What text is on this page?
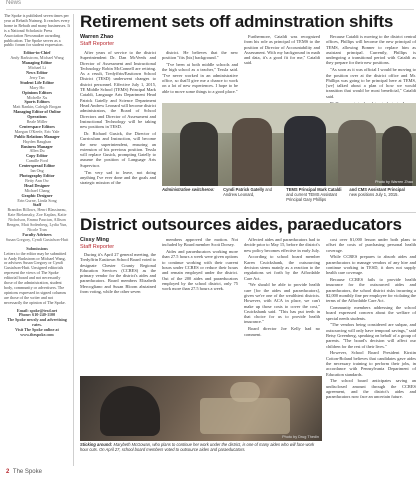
News

The Spoke is published seven times per year at Rebath Nutmeg. It reaches every home in Rebath and many businesses. It is a National Scholastic Press Association Newsmaker awarding publication. The Spoke serves as a public forum for student expression.

Editor-in-Chief
Andy Barkstrom, Michael Wang
Managing Editor
Michael Li
News Editor
Jerry Tan
Student Life Editor
Mary Ho
Opinions Editors
Michelle Xu
Sports Editors
Matt Rankin, Caleigh Brogan
Managing Editor of Online Operations
Reale Miller
Centerspace Editors
Maegan O'Keefe, Eric Yale
Public Relations Manager
Hayden Baughan
Business Manager
Allen Du
Copy Editor
Camille Ford
Centerspread Editor
Ian Ong
Photography Editor
Betty Ann Ow
Head Designer
Michael Chang
Graphic Designer
Erin Gurne, Linda Song
Staff
Brandon Billows, Henri Blassineau, Kate Bielanszky, Zoe Kaplan, Katie Nicholson, Emma Paucian, Allison Rengen, Matt Sodenberg, Lydia Yun, Nicole Tran
Faculty Advisers
Susan Gregory, Cyndi Gustafson-Hutt
Submissions

Letters to the editor may be submitted to Andy Barkstrom or Michael Wang, or advisers Susan Gregory or Cyndi Gustafson-Hutt. Unsigned editorials represent the views of The Spoke editorial board and not necessarily those of the administration, student body, community or advertisers. The opinions expressed in signed columns are those of the writer and not necessarily the opinion of The Spoke.

Email: spoke@tesd.net
Phone: 610-240-1100
The Spoke newsly and advertising rates.
Visit The Spoke online at www.thespoke.com
Retirement sets off adminstration shifts
Warren Zhao
Staff Reporter

After years of service to the district Superintendent Dr. Dan McVeeds and Director of Assessment and Instructional Technology Robin McConnell are retiring. As a result, Tredyffrin/Easttown School District (TESD) underwent changes to district personnel. Effective July 1, 2015, TE Middle School (TEMS) Principal Mark Cataldi, Language Arts Department Head Patrick Gatelly and Science Department Head Andrew Leonard will become district administrators, the Board of School Directors and Director of Assessment and Instructional Technology will be taking new positions in TESD.

Dr. Richard Gusick, the Director of Curriculum and Instruction, will become the new superintendent, ensuring an extension of his previous position. Tessla will replace Gusick, prompting Gatelly to assume the position of Language Arts Supervisor.

"I'm very sad to leave, not doing anything I've ever done and the goals and strategic mission of the

district. He believes that the new position "fits [his] background."

"I've been at both middle schools and the high school as a teacher," Tessla said. "I've never worked in an administrative office, so that'll give me a chance to work on a lot of new experiences. I hope to be able to move some things to a good place."

Furthermore, Cataldi was recognized from his role as principal of TEMS to the position of Director of Accountability and Assessment. With my background in math and data, it's a good fit for me," Cataldi said.

Because Cataldi is moving to the district central offices, Phillips will become the new principal of TEMS, allowing Bonner to replace him as assistant principal. Currently, Phillips is undergoing a transitional period with Cataldi as they prepare for their new positions.

"As soon as it was official I would be moving to the position over at the district office and Mr. Phillips was going to be principal here at TEMS, [we] talked about a plan of how we would transition that would be most beneficial," Cataldi said.

Photo by Warren Zhao
Administrative switcheroo: Cyndi Patrick Gatelly and Andrew Leonard, TEMS Principal Mark Cataldi and current TEMS Assistant Principal Gary Phillips and CMS Assistant Principal new positions July 1, 2015.
District outsources aides, paraeducators
Cissy Ming
Staff Reporter

During it's April 27 general meeting, the Tredyffrin Easttown School Board voted to designate Chester County Regional Education Services (CCRES) as the primary vendor for the district's aides and paraeducators. Board members Elizabeth Mercogliano and Susan Bloom abstained from voting, while the other seven

members approved the motion. Not included by Board member Scott Dorsey.

Aides and paraeducators working more than 27.5 hours a week were given options to continue working with their current hours under CCRES or reduce their hours and remain employed under the district. Out of the 200 aides and paraeducators employed by the school district, only 75 work more than 27.5 hours a week.

Affected aides and paraeducators had to decide prior to May 15, before the district's new policy becomes effective in early July.

According to school board member Karen Cruickshank, the outsourcing decision stems mainly as a reaction to the regulations set forth by the Affordable Care Act.

"We should be able to provide health care [for the aides and paraeducators], given we're one of the wealthiest districts. However, with ACA in place, we can't make up those costs to cover the cost," Cruickshank said. "This has put teeth in that choice for us to provide health insurance."

Board director Joe Kelly had no comment.

cost over $1,000 lesson under both plans to offset the costs of purchasing personal health coverage.

While CCRES prepares to absorb aides and paraeducators to manage vendors of any hire and continue working in TESD, it does not supply health care coverage.

Because CCRES fails to provide health insurance for the outsourced aides and paraeducators, the school district risks incurring a $2,000 monthly fine per employee for violating the terms of the Affordable Care Act.

Community members addressing the school board expressed concern about the welfare of special needs students.

"The vendors being considered are subpar, and outsourcing will only have temporal savings," said Betsy Greenberg, speaking on behalf of a group of parents. "The board's decision will affect our children for the rest of their lives."

However, School Board President Kirstin Cotton-Boland believes that candidates gave aides the necessary training to perform their jobs, in accordance with Pennsylvania Department of Education standards.

The school board anticipates saving an undisclosed amount through the CCRES agreement, and the district's aides and paraeducators now face an uncertain future.

Photo by Drug Thedin
Sticking around: Marybeth McGowan, who plans to continue her work under the district, is one of many aides who will face work hour cuts. On April 27, school board members voted to outsource aides and paraeducators.
2 The Spoke
